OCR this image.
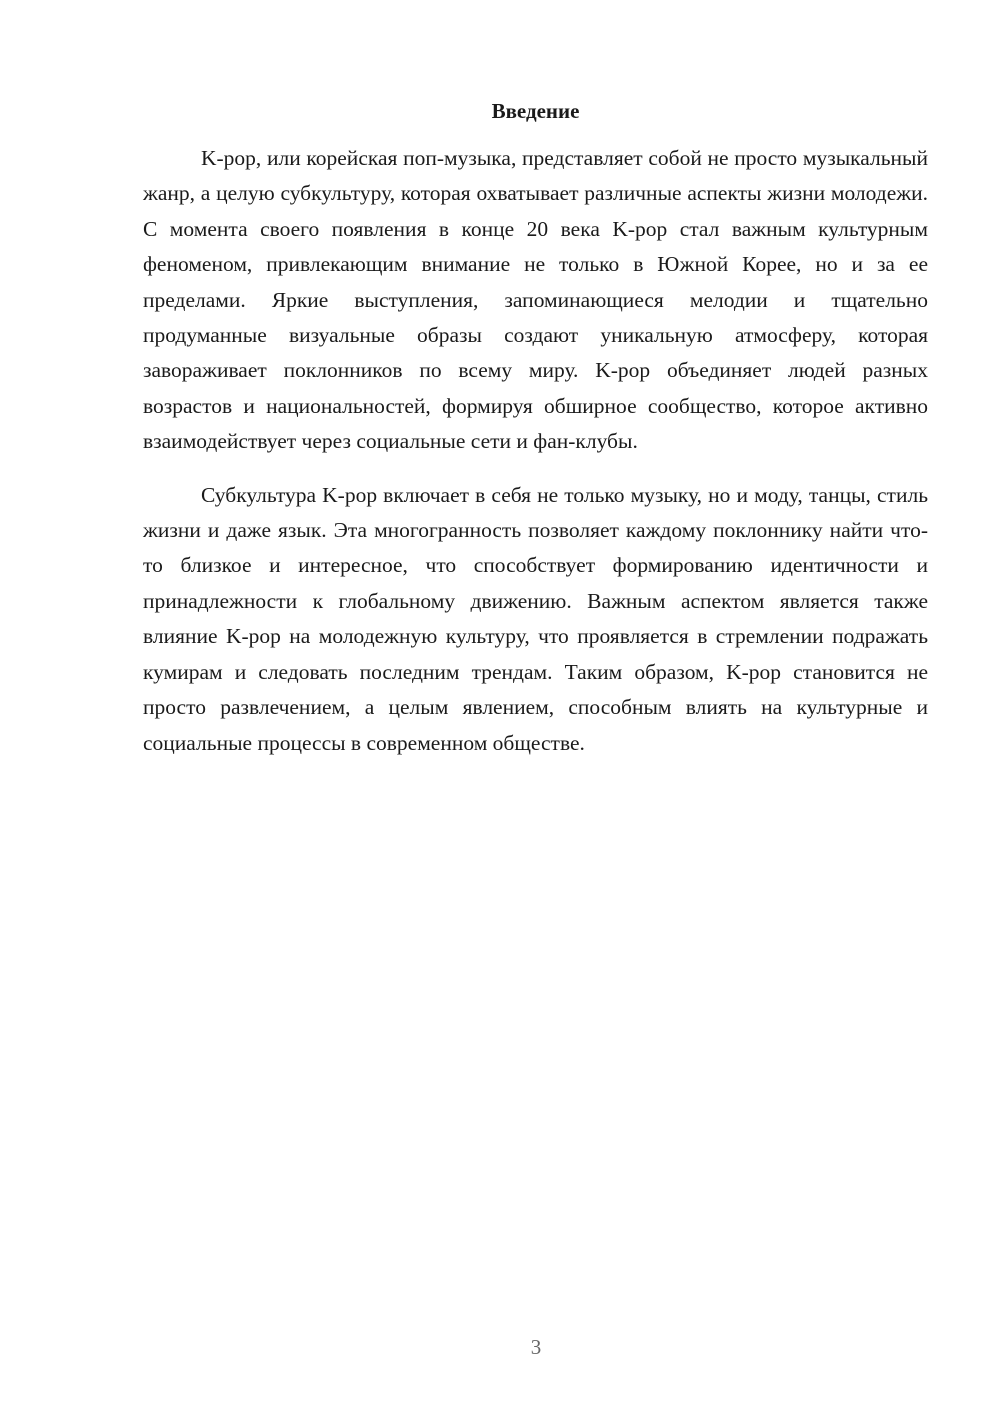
Введение

K-pop, или корейская поп-музыка, представляет собой не просто музыкальный жанр, а целую субкультуру, которая охватывает различные аспекты жизни молодежи. С момента своего появления в конце 20 века K-pop стал важным культурным феноменом, привлекающим внимание не только в Южной Корее, но и за ее пределами. Яркие выступления, запоминающиеся мелодии и тщательно продуманные визуальные образы создают уникальную атмосферу, которая завораживает поклонников по всему миру. K-pop объединяет людей разных возрастов и национальностей, формируя обширное сообщество, которое активно взаимодействует через социальные сети и фан-клубы.

Субкультура K-pop включает в себя не только музыку, но и моду, танцы, стиль жизни и даже язык. Эта многогранность позволяет каждому поклоннику найти что-то близкое и интересное, что способствует формированию идентичности и принадлежности к глобальному движению. Важным аспектом является также влияние K-pop на молодежную культуру, что проявляется в стремлении подражать кумирам и следовать последним трендам. Таким образом, K-pop становится не просто развлечением, а целым явлением, способным влиять на культурные и социальные процессы в современном обществе.

3
